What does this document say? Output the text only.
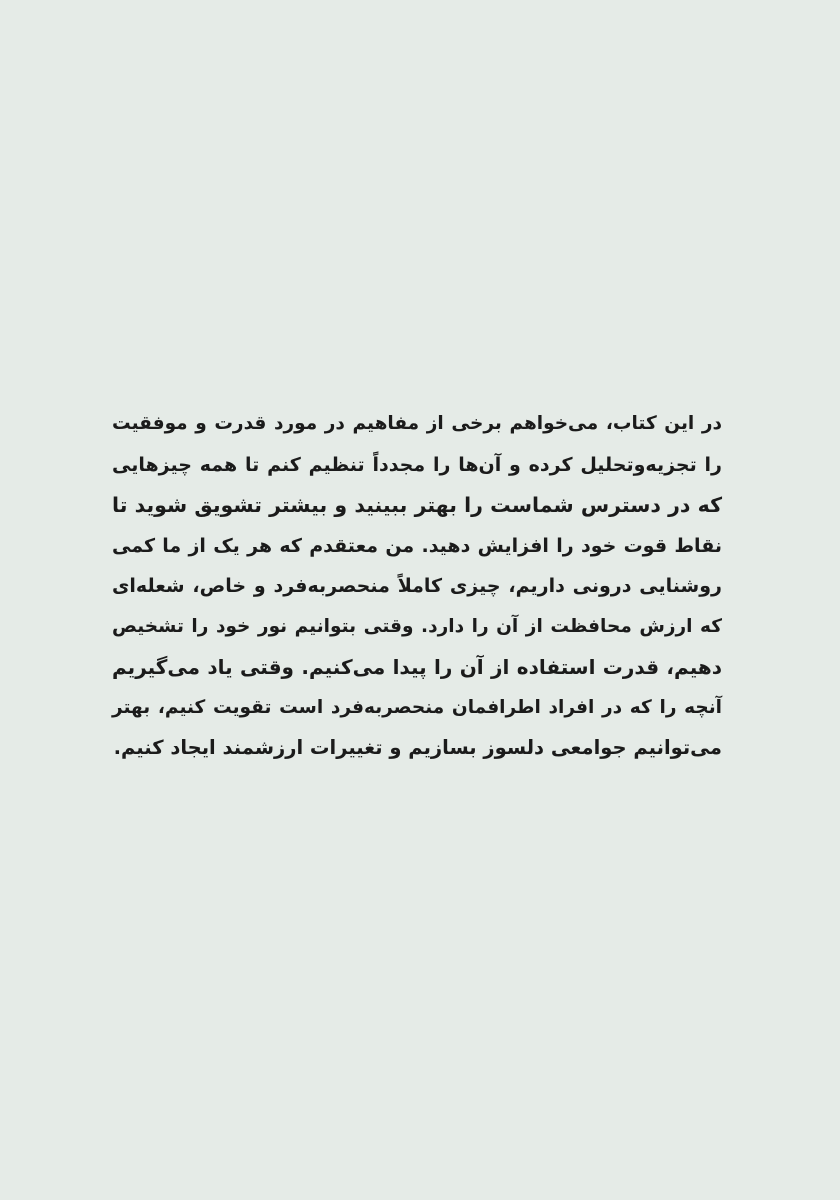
در این کتاب، می‌خواهم برخی از مفاهیم در مورد قدرت و موفقیت
را تجزیه‌وتحلیل کرده و آن‌ها را مجدداً تنظیم کنم تا همه چیزهایی
که در دسترس شماست را بهتر ببینید و بیشتر تشویق شوید تا
نقاط قوت خود را افزایش دهید. من معتقدم که هر یک از ما کمی
روشنایی درونی داریم، چیزی کاملاً منحصربه‌فرد و خاص، شعله‌ای
که ارزش محافظت از آن را دارد. وقتی بتوانیم نور خود را تشخیص
دهیم، قدرت استفاده از آن را پیدا می‌کنیم. وقتی یاد می‌گیریم
آنچه را که در افراد اطرافمان منحصربه‌فرد است تقویت کنیم، بهتر
می‌توانیم جوامعی دلسوز بسازیم و تغییرات ارزشمند ایجاد کنیم.
